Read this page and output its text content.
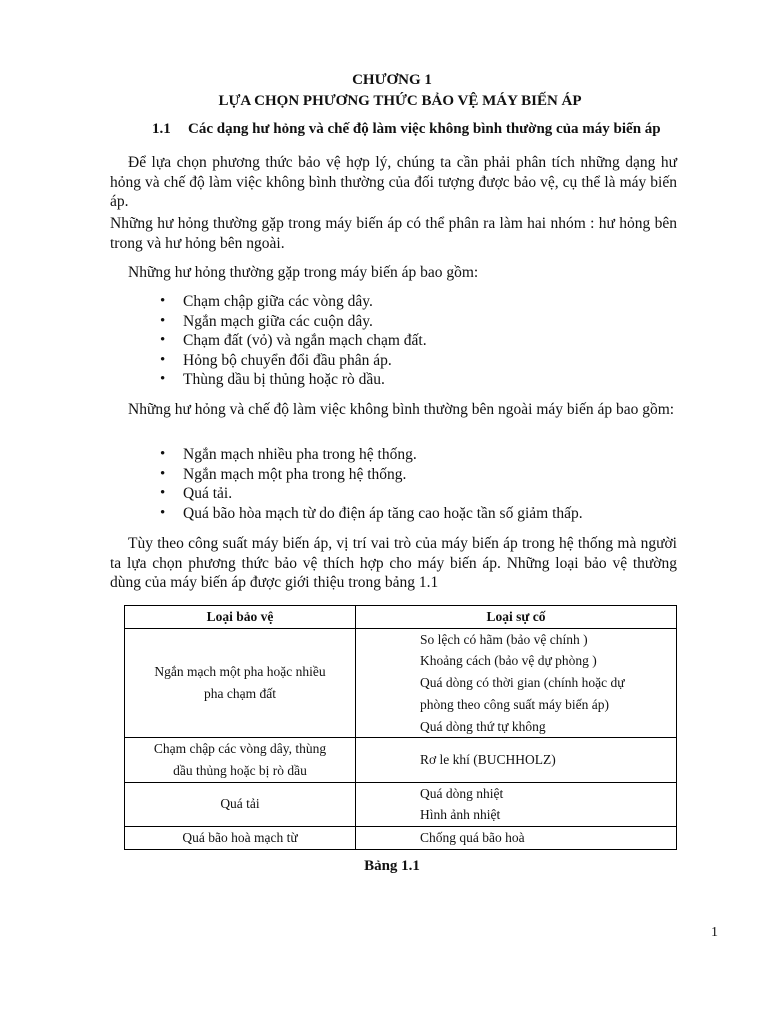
CHƯƠNG 1
LỰA CHỌN PHƯƠNG THỨC BẢO VỆ MÁY BIẾN ÁP
1.1 Các dạng hư hỏng và chế độ làm việc không bình thường của máy biến áp

Để lựa chọn phương thức bảo vệ hợp lý, chúng ta cần phải phân tích những dạng hư hỏng và chế độ làm việc không bình thường của đối tượng được bảo vệ, cụ thể là máy biến áp.

Những hư hỏng thường gặp trong máy biến áp có thể phân ra làm hai nhóm : hư hỏng bên trong và hư hỏng bên ngoài.

Những hư hỏng thường gặp trong máy biến áp bao gồm:

• Chạm chập giữa các vòng dây.
• Ngắn mạch giữa các cuộn dây.
• Chạm đất (vỏ) và ngắn mạch chạm đất.
• Hỏng bộ chuyển đổi đầu phân áp.
• Thùng dầu bị thủng hoặc rò dầu.

Những hư hỏng và chế độ làm việc không bình thường bên ngoài máy biến áp bao gồm:

• Ngắn mạch nhiều pha trong hệ thống.
• Ngắn mạch một pha trong hệ thống.
• Quá tải.
• Quá bão hòa mạch từ do điện áp tăng cao hoặc tần số giảm thấp.

Tùy theo công suất máy biến áp, vị trí vai trò của máy biến áp trong hệ thống mà người ta lựa chọn phương thức bảo vệ thích hợp cho máy biến áp. Những loại bảo vệ thường dùng của máy biến áp được giới thiệu trong bảng 1.1

Loại bảo vệ	Loại sự cố

Ngắn mạch một pha hoặc nhiều
pha chạm đất	So lệch có hãm (bảo vệ chính )
Khoảng cách (bảo vệ dự phòng )
Quá dòng có thời gian (chính hoặc dự
phòng theo công suất máy biến áp)
Quá dòng thứ tự không

Chạm chập các vòng dây, thùng
dầu thủng hoặc bị rò dầu	Rơ le khí (BUCHHOLZ)

Quá tải	Quá dòng nhiệt
Hình ảnh nhiệt

Quá bão hoà mạch từ	Chống quá bão hoà
Bảng 1.1
1
